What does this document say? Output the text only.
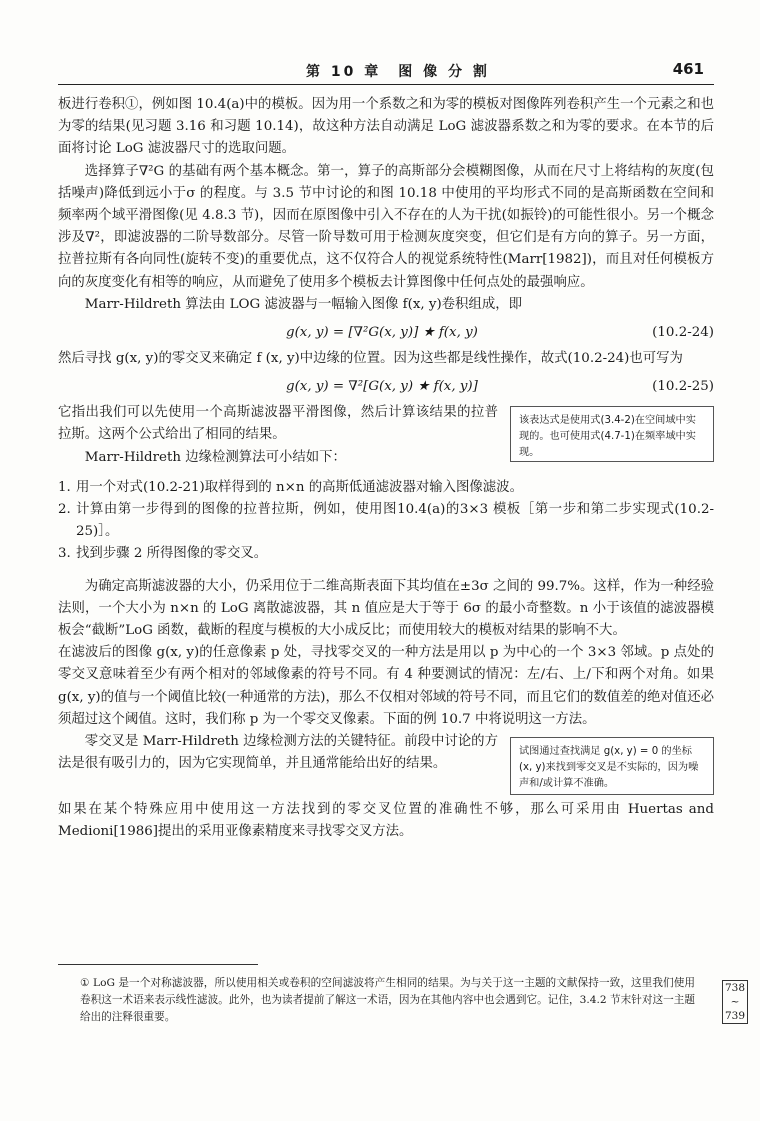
第 10 章　图 像 分 割	461

板进行卷积①，例如图 10.4(a)中的模板。因为用一个系数之和为零的模板对图像阵列卷积产生一个元素之和也为零的结果(见习题 3.16 和习题 10.14)，故这种方法自动满足 LoG 滤波器系数之和为零的要求。在本节的后面将讨论 LoG 滤波器尺寸的选取问题。

选择算子∇²G 的基础有两个基本概念。第一，算子的高斯部分会模糊图像，从而在尺寸上将结构的灰度(包括噪声)降低到远小于σ 的程度。与 3.5 节中讨论的和图 10.18 中使用的平均形式不同的是高斯函数在空间和频率两个域平滑图像(见 4.8.3 节)，因而在原图像中引入不存在的人为干扰(如振铃)的可能性很小。另一个概念涉及∇²，即滤波器的二阶导数部分。尽管一阶导数可用于检测灰度突变，但它们是有方向的算子。另一方面，拉普拉斯有各向同性(旋转不变)的重要优点，这不仅符合人的视觉系统特性(Marr[1982])，而且对任何模板方向的灰度变化有相等的响应，从而避免了使用多个模板去计算图像中任何点处的最强响应。

Marr-Hildreth 算法由 LOG 滤波器与一幅输入图像 f(x, y)卷积组成，即

g(x, y) = [∇²G(x, y)] ★ f(x, y)	(10.2-24)

然后寻找 g(x, y)的零交叉来确定 f (x, y)中边缘的位置。因为这些都是线性操作，故式(10.2-24)也可写为

g(x, y) = ∇²[G(x, y) ★ f(x, y)]	(10.2-25)
该表达式是使用式(3.4-2)在空间域中实现的。也可使用式(4.7-1)在频率域中实现。

它指出我们可以先使用一个高斯滤波器平滑图像，然后计算该结果的拉普拉斯。这两个公式给出了相同的结果。

Marr-Hildreth 边缘检测算法可小结如下：

1. 用一个对式(10.2-21)取样得到的 n×n 的高斯低通滤波器对输入图像滤波。
2. 计算由第一步得到的图像的拉普拉斯，例如，使用图10.4(a)的3×3 模板［第一步和第二步实现式(10.2-25)］。
3. 找到步骤 2 所得图像的零交叉。

为确定高斯滤波器的大小，仍采用位于二维高斯表面下其均值在±3σ 之间的 99.7%。这样，作为一种经验法则，一个大小为 n×n 的 LoG 离散滤波器，其 n 值应是大于等于 6σ 的最小奇整数。n 小于该值的滤波器模板会“截断”LoG 函数，截断的程度与模板的大小成反比；而使用较大的模板对结果的影响不大。

在滤波后的图像 g(x, y)的任意像素 p 处，寻找零交叉的一种方法是用以 p 为中心的一个 3×3 邻域。p 点处的零交叉意味着至少有两个相对的邻域像素的符号不同。有 4 种要测试的情况：左/右、上/下和两个对角。如果 g(x, y)的值与一个阈值比较(一种通常的方法)，那么不仅相对邻域的符号不同，而且它们的数值差的绝对值还必须超过这个阈值。这时，我们称 p 为一个零交叉像素。下面的例 10.7 中将说明这一方法。

试图通过查找满足 g(x, y) = 0 的坐标(x, y)来找到零交叉是不实际的，因为噪声和/或计算不准确。

零交叉是 Marr-Hildreth 边缘检测方法的关键特征。前段中讨论的方法是很有吸引力的，因为它实现简单，并且通常能给出好的结果。

如果在某个特殊应用中使用这一方法找到的零交叉位置的准确性不够，那么可采用由 Huertas and Medioni[1986]提出的采用亚像素精度来寻找零交叉方法。

① LoG 是一个对称滤波器，所以使用相关或卷积的空间滤波将产生相同的结果。为与关于这一主题的文献保持一致，这里我们使用卷积这一术语来表示线性滤波。此外，也为读者提前了解这一术语，因为在其他内容中也会遇到它。记住，3.4.2 节末针对这一主题给出的注释很重要。
738
~
739
